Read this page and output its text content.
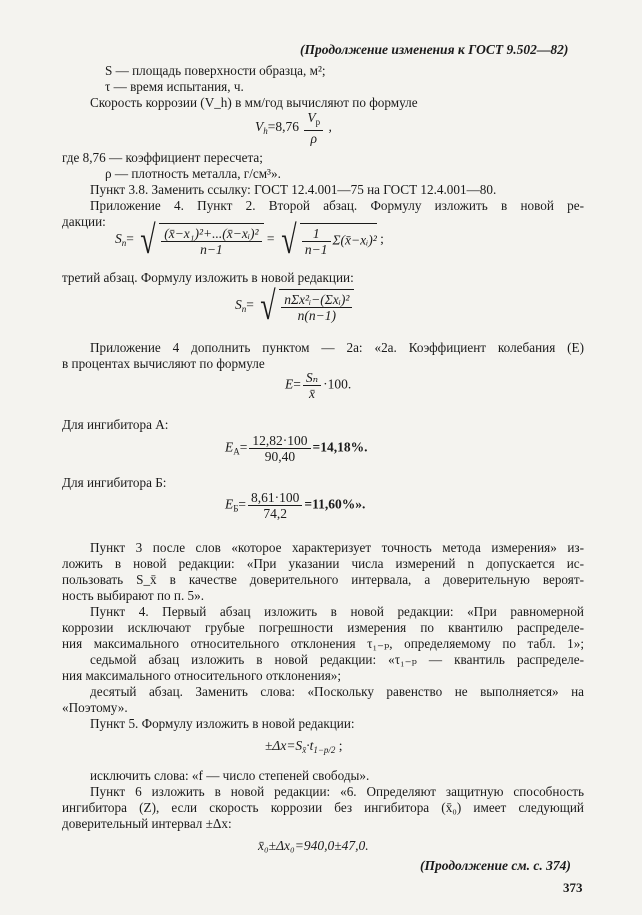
(Продолжение изменения к ГОСТ 9.502—82)
S — площадь поверхности образца, м²;
τ — время испытания, ч.
Скорость коррозии (V_h) в мм/год вычисляют по формуле
$V_h=8,76 \frac{V_p}{\rho}$ ,
где 8,76 — коэффициент пересчета;
ρ — плотность металла, г/см³».
Пункт 3.8. Заменить ссылку: ГОСТ 12.4.001—75 на ГОСТ 12.4.001—80.
Приложение 4. Пункт 2. Второй абзац. Формулу изложить в новой ре-
дакции:
$S_n=$ √ $\frac{\text{(x̄−x₁)²+...(x̄−xᵢ)²}}{n-1}$ = √ $\frac{1}{n-1}$ Σ(x̄−xᵢ)² ;
третий абзац. Формулу изложить в новой редакции:
$S_n=$ √ $\frac{\text{nΣx²ᵢ−(Σxᵢ)²}}{n(n-1)}$
Приложение 4 дополнить пунктом — 2а: «2а. Коэффициент колебания (E)
в процентах вычисляют по формуле
$E= \frac{\text{Sₙ}}{x̄} \cdot 100$.
Для ингибитора А:
$E_А= \frac{12,82\cdot 100}{90,40} =14,18\%$.
Для ингибитора Б:
$E_Б= \frac{8,61\cdot 100}{74,2} =11,60\%$».
Пункт 3 после слов «которое характеризует точность метода измерения» из-
ложить в новой редакции: «При указании числа измерений n допускается ис-
пользовать S_x̄ в качестве доверительного интервала, а доверительную вероят-
ность выбирают по п. 5».
Пункт 4. Первый абзац изложить в новой редакции: «При равномерной
коррозии исключают грубые погрешности измерения по квантилю распределе-
ния максимального относительного отклонения τ₁₋ₚ, определяемому по табл. 1»;
седьмой абзац изложить в новой редакции: «τ₁₋ₚ — квантиль распределе-
ния максимального относительного отклонения»;
десятый абзац. Заменить слова: «Поскольку равенство не выполняется» на
«Поэтому».
Пункт 5. Формулу изложить в новой редакции:
$\pm\Delta x=S_{x̄}\cdot t_{1-p/2}$ ;
исключить слова: «f — число степеней свободы».
Пункт 6 изложить в новой редакции: «6. Определяют защитную способность
ингибитора (Z), если скорость коррозии без ингибитора (x̄₀) имеет следующий
доверительный интервал ±Δx:
x̄₀±Δx₀=940,0±47,0.
(Продолжение см. с. 374)
373
